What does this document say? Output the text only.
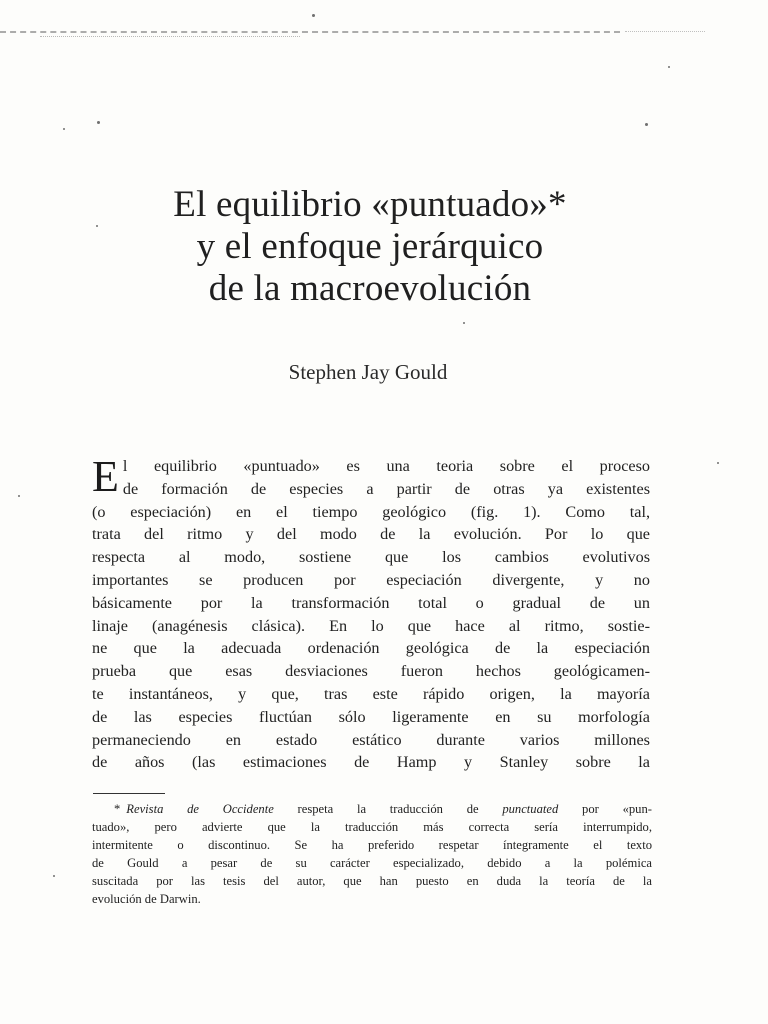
El equilibrio «puntuado»*
y el enfoque jerárquico
de la macroevolución
Stephen Jay Gould
E l equilibrio «puntuado» es una teoria sobre el proceso
de formación de especies a partir de otras ya existentes
(o especiación) en el tiempo geológico (fig. 1). Como tal,
trata del ritmo y del modo de la evolución. Por lo que
respecta al modo, sostiene que los cambios evolutivos
importantes se producen por especiación divergente, y no
básicamente por la transformación total o gradual de un
linaje (anagénesis clásica). En lo que hace al ritmo, sostie-
ne que la adecuada ordenación geológica de la especiación
prueba que esas desviaciones fueron hechos geológicamen-
te instantáneos, y que, tras este rápido origen, la mayoría
de las especies fluctúan sólo ligeramente en su morfología
permaneciendo en estado estático durante varios millones
de años (las estimaciones de Hamp y Stanley sobre la
* Revista de Occidente respeta la traducción de punctuated por «pun-
tuado», pero advierte que la traducción más correcta sería interrumpido,
intermitente o discontinuo. Se ha preferido respetar íntegramente el texto
de Gould a pesar de su carácter especializado, debido a la polémica
suscitada por las tesis del autor, que han puesto en duda la teoría de la
evolución de Darwin.
